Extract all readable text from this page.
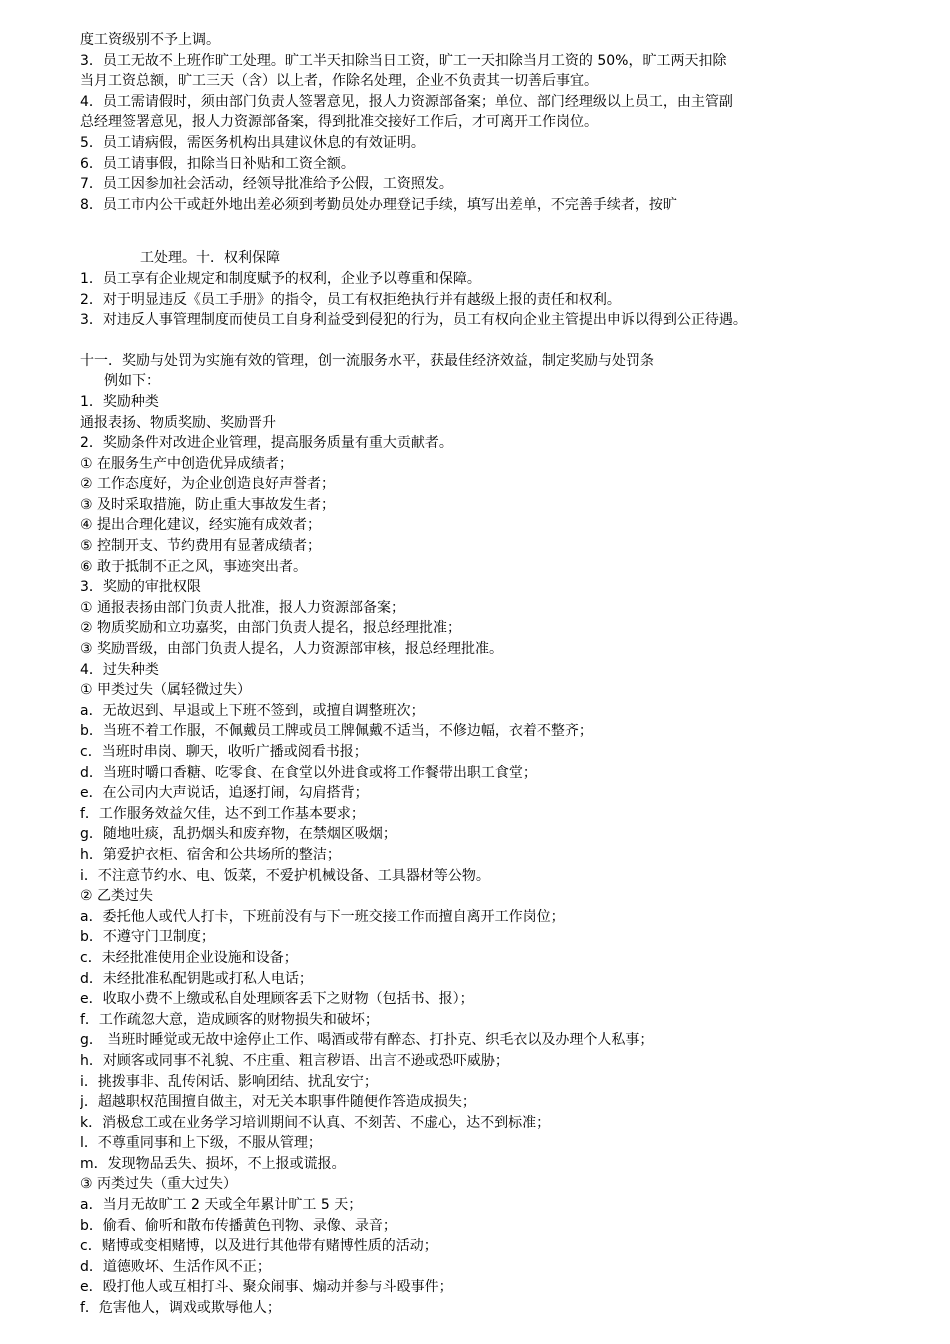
度工资级别不予上调。
3．员工无故不上班作旷工处理。旷工半天扣除当日工资，旷工一天扣除当月工资的 50%，旷工两天扣除
当月工资总额，旷工三天（含）以上者，作除名处理，企业不负责其一切善后事宜。
4．员工需请假时，须由部门负责人签署意见，报人力资源部备案；单位、部门经理级以上员工，由主管副
总经理签署意见，报人力资源部备案，得到批准交接好工作后，才可离开工作岗位。
5．员工请病假，需医务机构出具建议休息的有效证明。
6．员工请事假，扣除当日补贴和工资全额。
7．员工因参加社会活动，经领导批准给予公假，工资照发。
8．员工市内公干或赶外地出差必须到考勤员处办理登记手续，填写出差单，不完善手续者，按旷
工处理。十．权利保障
1．员工享有企业规定和制度赋予的权利，企业予以尊重和保障。
2．对于明显违反《员工手册》的指令，员工有权拒绝执行并有越级上报的责任和权利。
3．对违反人事管理制度而使员工自身利益受到侵犯的行为，员工有权向企业主管提出申诉以得到公正待遇。
十一．奖励与处罚为实施有效的管理，创一流服务水平，获最佳经济效益，制定奖励与处罚条
例如下：
1．奖励种类
通报表扬、物质奖励、奖励晋升
2．奖励条件对改进企业管理，提高服务质量有重大贡献者。
① 在服务生产中创造优异成绩者；
② 工作态度好，为企业创造良好声誉者；
③ 及时采取措施，防止重大事故发生者；
④ 提出合理化建议，经实施有成效者；
⑤ 控制开支、节约费用有显著成绩者；
⑥ 敢于抵制不正之风，事迹突出者。
3．奖励的审批权限
① 通报表扬由部门负责人批准，报人力资源部备案；
② 物质奖励和立功嘉奖，由部门负责人提名，报总经理批准；
③ 奖励晋级，由部门负责人提名，人力资源部审核，报总经理批准。
4．过失种类
① 甲类过失（属轻微过失）
a．无故迟到、早退或上下班不签到，或擅自调整班次；
b．当班不着工作服，不佩戴员工牌或员工牌佩戴不适当，不修边幅，衣着不整齐；
c．当班时串岗、聊天，收听广播或阅看书报；
d．当班时嚼口香糖、吃零食、在食堂以外进食或将工作餐带出职工食堂；
e．在公司内大声说话，追逐打闹，勾肩搭背；
f．工作服务效益欠佳，达不到工作基本要求；
g．随地吐痰，乱扔烟头和废弃物，在禁烟区吸烟；
h．第爱护衣柜、宿舍和公共场所的整洁；
i．不注意节约水、电、饭菜，不爱护机械设备、工具器材等公物。
② 乙类过失
a．委托他人或代人打卡，下班前没有与下一班交接工作而擅自离开工作岗位；
b．不遵守门卫制度；
c．未经批准使用企业设施和设备；
d．未经批准私配钥匙或打私人电话；
e．收取小费不上缴或私自处理顾客丢下之财物（包括书、报）；
f．工作疏忽大意，造成顾客的财物损失和破坏；
g． 当班时睡觉或无故中途停止工作、喝酒或带有醉态、打扑克、织毛衣以及办理个人私事；
h．对顾客或同事不礼貌、不庄重、粗言秽语、出言不逊或恐吓威胁；
i．挑拨事非、乱传闲话、影响团结、扰乱安宁；
j．超越职权范围擅自做主，对无关本职事件随便作答造成损失；
k．消极怠工或在业务学习培训期间不认真、不刻苦、不虚心，达不到标准；
l．不尊重同事和上下级，不服从管理；
m．发现物品丢失、损坏，不上报或谎报。
③ 丙类过失（重大过失）
a．当月无故旷工 2 天或全年累计旷工 5 天；
b．偷看、偷听和散布传播黄色刊物、录像、录音；
c．赌博或变相赌博，以及进行其他带有赌博性质的活动；
d．道德败坏、生活作风不正；
e．殴打他人或互相打斗、聚众闹事、煽动并参与斗殴事件；
f．危害他人，调戏或欺辱他人；
